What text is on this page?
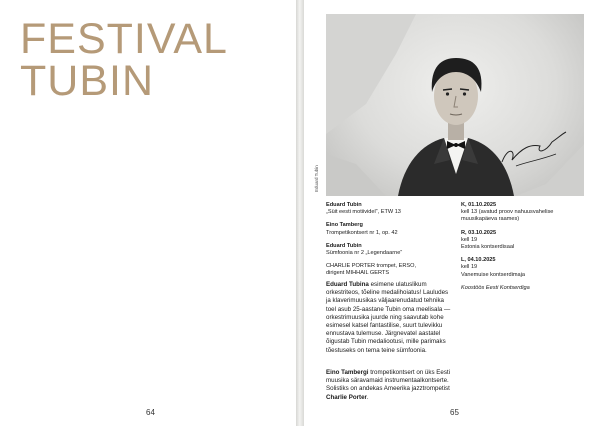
FESTIVAL
TUBIN
64
Eduard Tubin
Eduard Tubin
„Süit eesti motiividel“, ETW 13
Eino Tamberg
Trompetikontsert nr 1, op. 42
Eduard Tubin
Sümfoonia nr 2 „Legendaarne“
CHARLIE PORTER trompet, ERSO,
dirigent MIHHAIL GERTS
K, 01.10.2025
kell 13 (avatud proov nahuusvahelise
muusikapäeva raames)
R, 03.10.2025
kell 19
Estonia kontserdisaal
L, 04.10.2025
kell 19
Vanemuise kontserdimaja
Koostöös Eesti Kontserdiga

Eduard Tubina esimene ulatuslikum orkestriteos, tõeline medalihoiatus! Lauludes ja klaverimuusikas väljaarenudatud tehnika toel asub 25-aastane Tubin oma meelisala — orkestrimuusika juurde ning saavutab kohe esimesel katsel fantastilise, suurt tulevikku ennustava tulemuse. Järgnevatel aastatel õigustab Tubin medaliootusi, mille parimaks tõestuseks on tema teine sümfoonia.

Eino Tambergi trompetikontsert on üks Eesti muusika säravamaid instrumentaalkontserte. Solistiks on andekas Ameerika jazztrompetist Charlie Porter.

65
